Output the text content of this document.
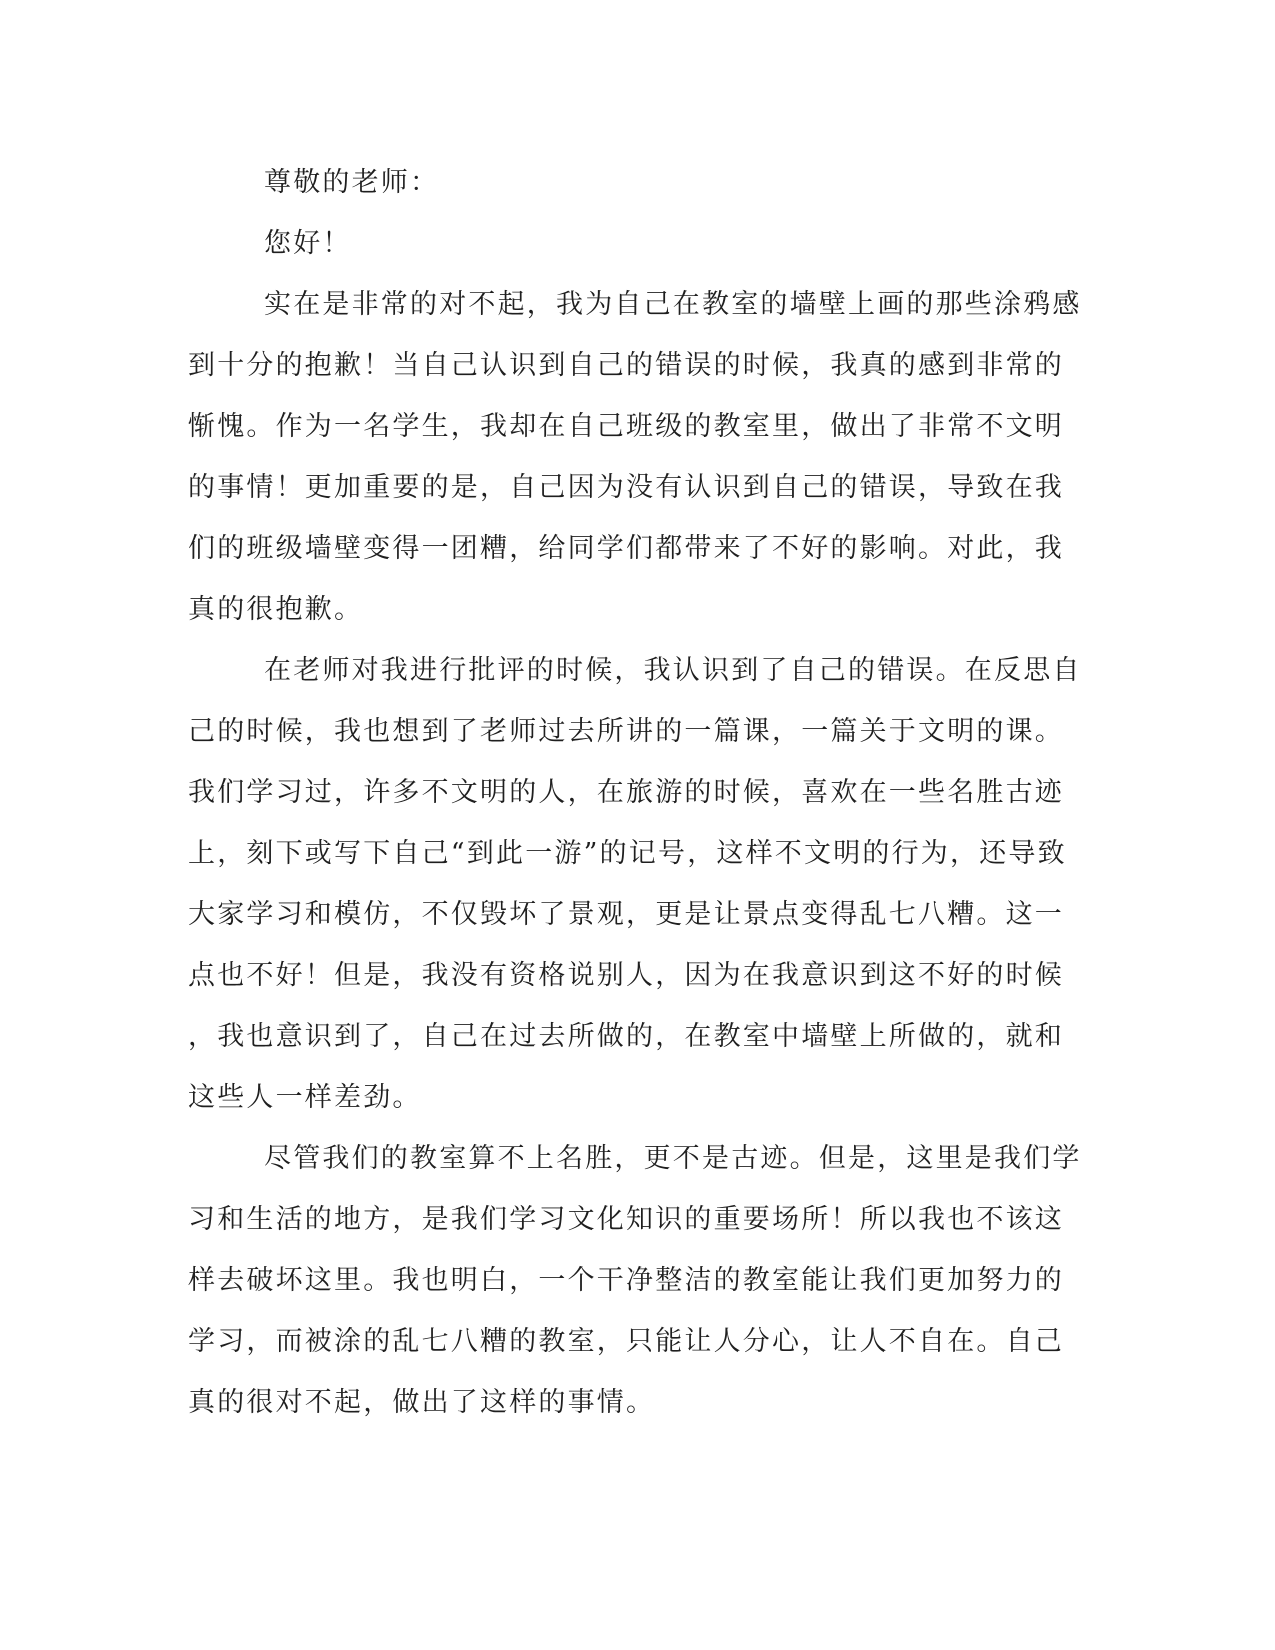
尊敬的老师：
您好！
实在是非常的对不起，我为自己在教室的墙壁上画的那些涂鸦感
到十分的抱歉！当自己认识到自己的错误的时候，我真的感到非常的
惭愧。作为一名学生，我却在自己班级的教室里，做出了非常不文明
的事情！更加重要的是，自己因为没有认识到自己的错误，导致在我
们的班级墙壁变得一团糟，给同学们都带来了不好的影响。对此，我
真的很抱歉。
在老师对我进行批评的时候，我认识到了自己的错误。在反思自
己的时候，我也想到了老师过去所讲的一篇课，一篇关于文明的课。
我们学习过，许多不文明的人，在旅游的时候，喜欢在一些名胜古迹
上，刻下或写下自己“到此一游”的记号，这样不文明的行为，还导致
大家学习和模仿，不仅毁坏了景观，更是让景点变得乱七八糟。这一
点也不好！但是，我没有资格说别人，因为在我意识到这不好的时候
，我也意识到了，自己在过去所做的，在教室中墙壁上所做的，就和
这些人一样差劲。
尽管我们的教室算不上名胜，更不是古迹。但是，这里是我们学
习和生活的地方，是我们学习文化知识的重要场所！所以我也不该这
样去破坏这里。我也明白，一个干净整洁的教室能让我们更加努力的
学习，而被涂的乱七八糟的教室，只能让人分心，让人不自在。自己
真的很对不起，做出了这样的事情。
